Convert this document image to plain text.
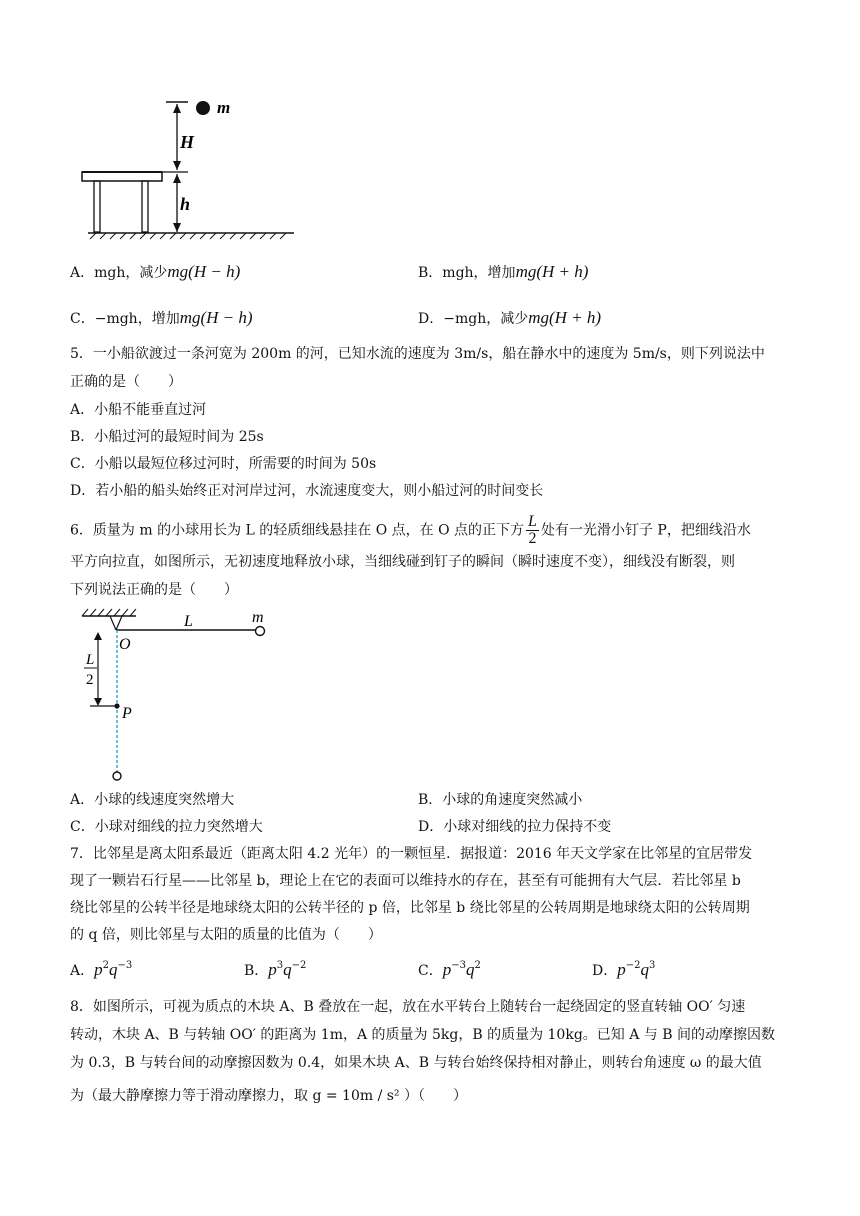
m
H
h
A．mgh，减少mg(H − h)	B．mgh，增加mg(H + h)
C．−mgh，增加mg(H − h)	D．−mgh，减少mg(H + h)
5．一小船欲渡过一条河宽为 200m 的河，已知水流的速度为 3m/s，船在静水中的速度为 5m/s，则下列说法中
正确的是（　　）
A．小船不能垂直过河
B．小船过河的最短时间为 25s
C．小船以最短位移过河时，所需要的时间为 50s
D．若小船的船头始终正对河岸过河，水流速度变大，则小船过河的时间变长
6．质量为 m 的小球用长为 L 的轻质细线悬挂在 O 点，在 O 点的正下方 $\frac{L}{2}$ 处有一光滑小钉子 P，把细线沿水
平方向拉直，如图所示，无初速度地释放小球，当细线碰到钉子的瞬间（瞬时速度不变），细线没有断裂，则
下列说法正确的是（　　）
L	m
O
P
L
2
A．小球的线速度突然增大	B．小球的角速度突然减小
C．小球对细线的拉力突然增大	D．小球对细线的拉力保持不变
7．比邻星是离太阳系最近（距离太阳 4.2 光年）的一颗恒星．据报道：2016 年天文学家在比邻星的宜居带发
现了一颗岩石行星——比邻星 b，理论上在它的表面可以维持水的存在，甚至有可能拥有大气层．若比邻星 b
绕比邻星的公转半径是地球绕太阳的公转半径的 p 倍，比邻星 b 绕比邻星的公转周期是地球绕太阳的公转周期
的 q 倍，则比邻星与太阳的质量的比值为（　　）
A．$p^2q^{-3}$	B．$p^3q^{-2}$	C．$p^{-3}q^2$	D．$p^{-2}q^3$
8．如图所示，可视为质点的木块 A、B 叠放在一起，放在水平转台上随转台一起绕固定的竖直转轴 OO′ 匀速
转动，木块 A、B 与转轴 OO′ 的距离为 1m，A 的质量为 5kg，B 的质量为 10kg。已知 A 与 B 间的动摩擦因数
为 0.3，B 与转台间的动摩擦因数为 0.4，如果木块 A、B 与转台始终保持相对静止，则转台角速度 ω 的最大值
为（最大静摩擦力等于滑动摩擦力，取 g = 10m / s² ）（　　）
